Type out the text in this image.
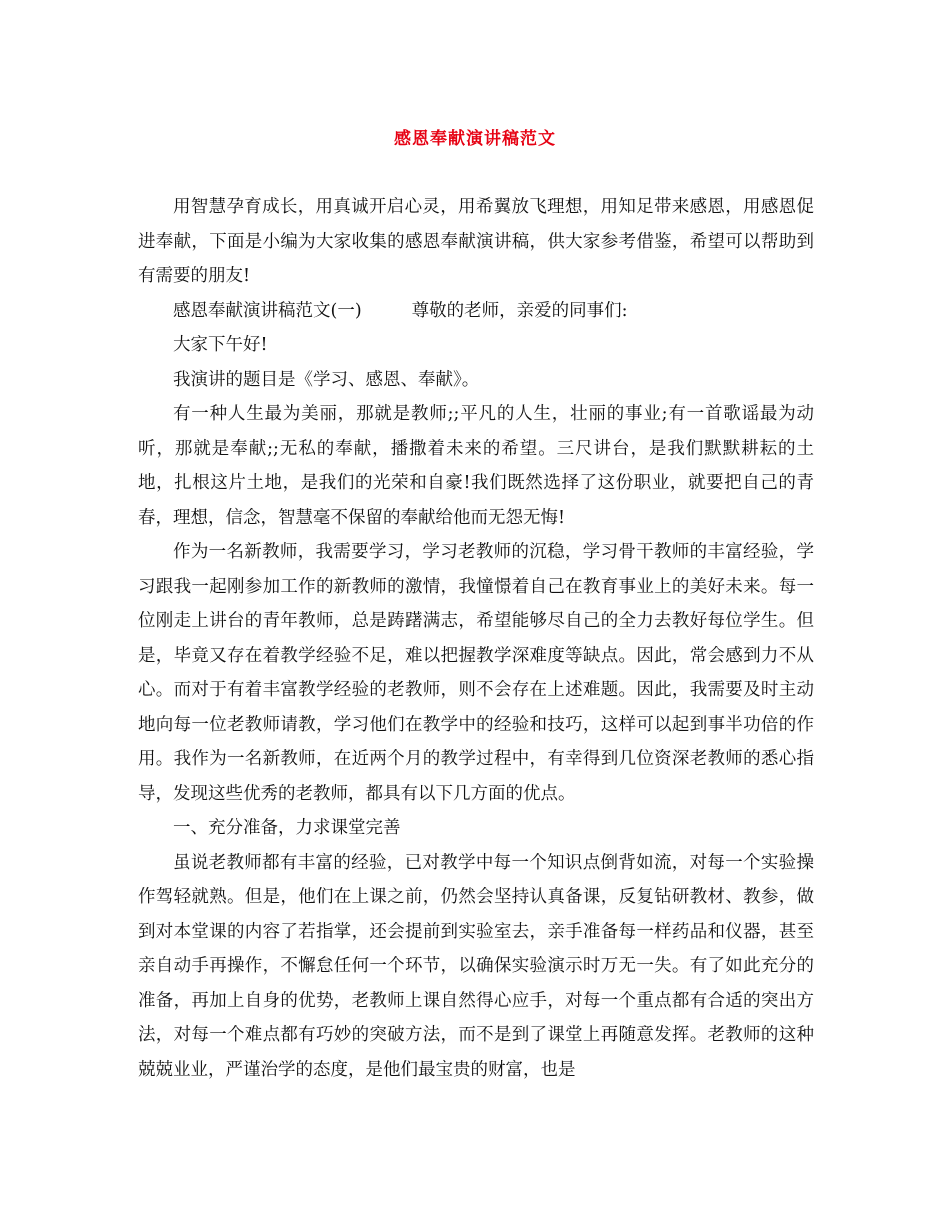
感恩奉献演讲稿范文

用智慧孕育成长，用真诚开启心灵，用希翼放飞理想，用知足带来感恩，用感恩促进奉献，下面是小编为大家收集的感恩奉献演讲稿，供大家参考借鉴，希望可以帮助到有需要的朋友!

感恩奉献演讲稿范文(一)	尊敬的老师，亲爱的同事们:

大家下午好!

我演讲的题目是《学习、感恩、奉献》。

有一种人生最为美丽，那就是教师;;平凡的人生，壮丽的事业;有一首歌谣最为动听，那就是奉献;;无私的奉献，播撒着未来的希望。三尺讲台，是我们默默耕耘的土地，扎根这片土地，是我们的光荣和自豪!我们既然选择了这份职业，就要把自己的青春，理想，信念，智慧毫不保留的奉献给他而无怨无悔!

作为一名新教师，我需要学习，学习老教师的沉稳，学习骨干教师的丰富经验，学习跟我一起刚参加工作的新教师的激情，我憧憬着自己在教育事业上的美好未来。每一位刚走上讲台的青年教师，总是踌躇满志，希望能够尽自己的全力去教好每位学生。但是，毕竟又存在着教学经验不足，难以把握教学深难度等缺点。因此，常会感到力不从心。而对于有着丰富教学经验的老教师，则不会存在上述难题。因此，我需要及时主动地向每一位老教师请教，学习他们在教学中的经验和技巧，这样可以起到事半功倍的作用。我作为一名新教师，在近两个月的教学过程中，有幸得到几位资深老教师的悉心指导，发现这些优秀的老教师，都具有以下几方面的优点。

一、充分准备，力求课堂完善

虽说老教师都有丰富的经验，已对教学中每一个知识点倒背如流，对每一个实验操作驾轻就熟。但是，他们在上课之前，仍然会坚持认真备课，反复钻研教材、教参，做到对本堂课的内容了若指掌，还会提前到实验室去，亲手准备每一样药品和仪器，甚至亲自动手再操作，不懈怠任何一个环节，以确保实验演示时万无一失。有了如此充分的准备，再加上自身的优势，老教师上课自然得心应手，对每一个重点都有合适的突出方法，对每一个难点都有巧妙的突破方法，而不是到了课堂上再随意发挥。老教师的这种兢兢业业，严谨治学的态度，是他们最宝贵的财富，也是
